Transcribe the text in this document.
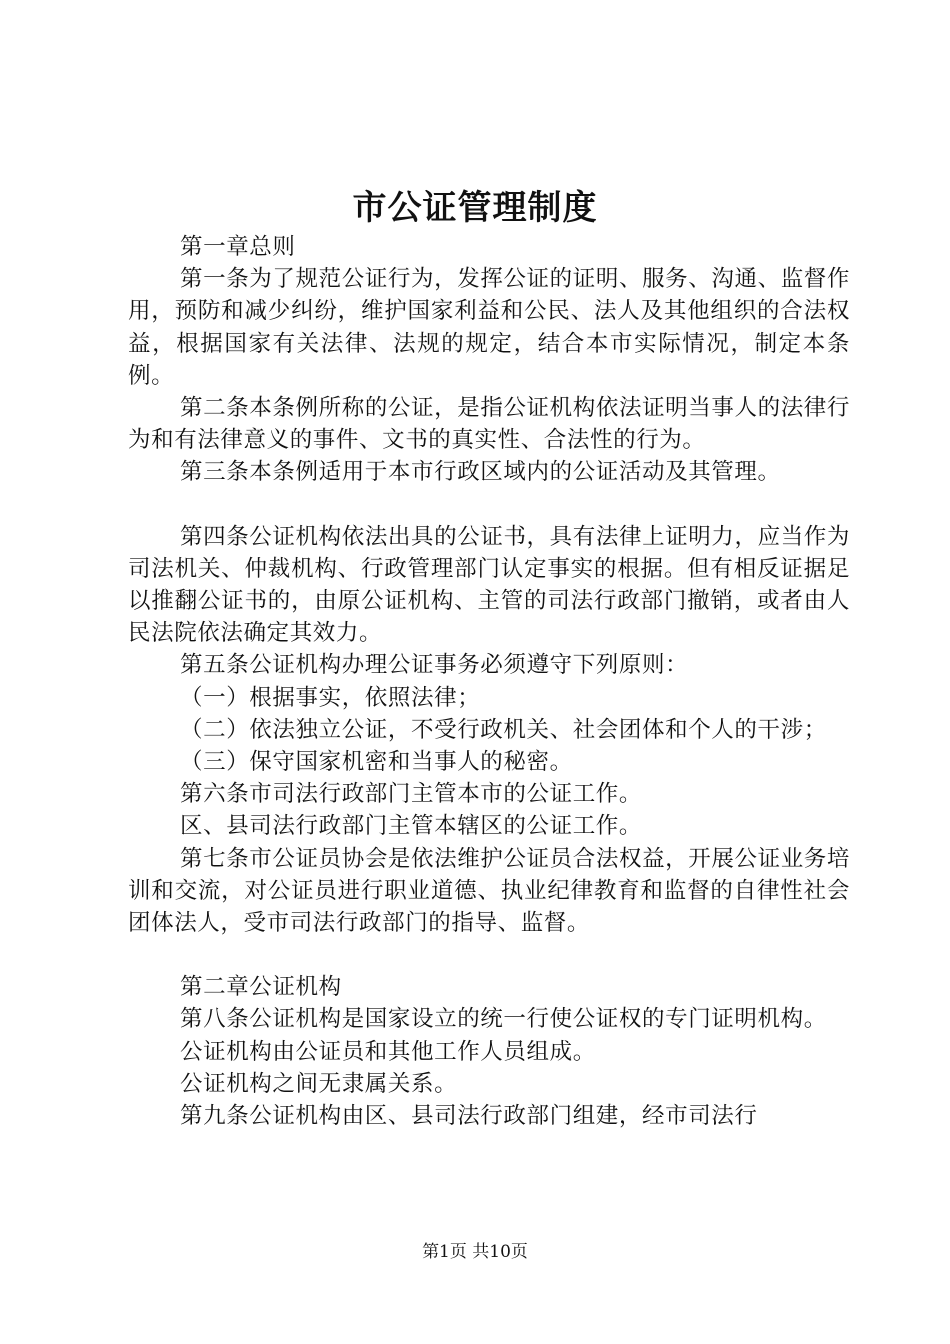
市公证管理制度

第一章总则

第一条为了规范公证行为，发挥公证的证明、服务、沟通、监督作用，预防和减少纠纷，维护国家利益和公民、法人及其他组织的合法权益，根据国家有关法律、法规的规定，结合本市实际情况，制定本条例。

第二条本条例所称的公证，是指公证机构依法证明当事人的法律行为和有法律意义的事件、文书的真实性、合法性的行为。

第三条本条例适用于本市行政区域内的公证活动及其管理。

第四条公证机构依法出具的公证书，具有法律上证明力，应当作为司法机关、仲裁机构、行政管理部门认定事实的根据。但有相反证据足以推翻公证书的，由原公证机构、主管的司法行政部门撤销，或者由人民法院依法确定其效力。

第五条公证机构办理公证事务必须遵守下列原则：

（一）根据事实，依照法律；

（二）依法独立公证，不受行政机关、社会团体和个人的干涉；

（三）保守国家机密和当事人的秘密。

第六条市司法行政部门主管本市的公证工作。

区、县司法行政部门主管本辖区的公证工作。

第七条市公证员协会是依法维护公证员合法权益，开展公证业务培训和交流，对公证员进行职业道德、执业纪律教育和监督的自律性社会团体法人，受市司法行政部门的指导、监督。

第二章公证机构

第八条公证机构是国家设立的统一行使公证权的专门证明机构。

公证机构由公证员和其他工作人员组成。

公证机构之间无隶属关系。

第九条公证机构由区、县司法行政部门组建，经市司法行

第1页 共10页
